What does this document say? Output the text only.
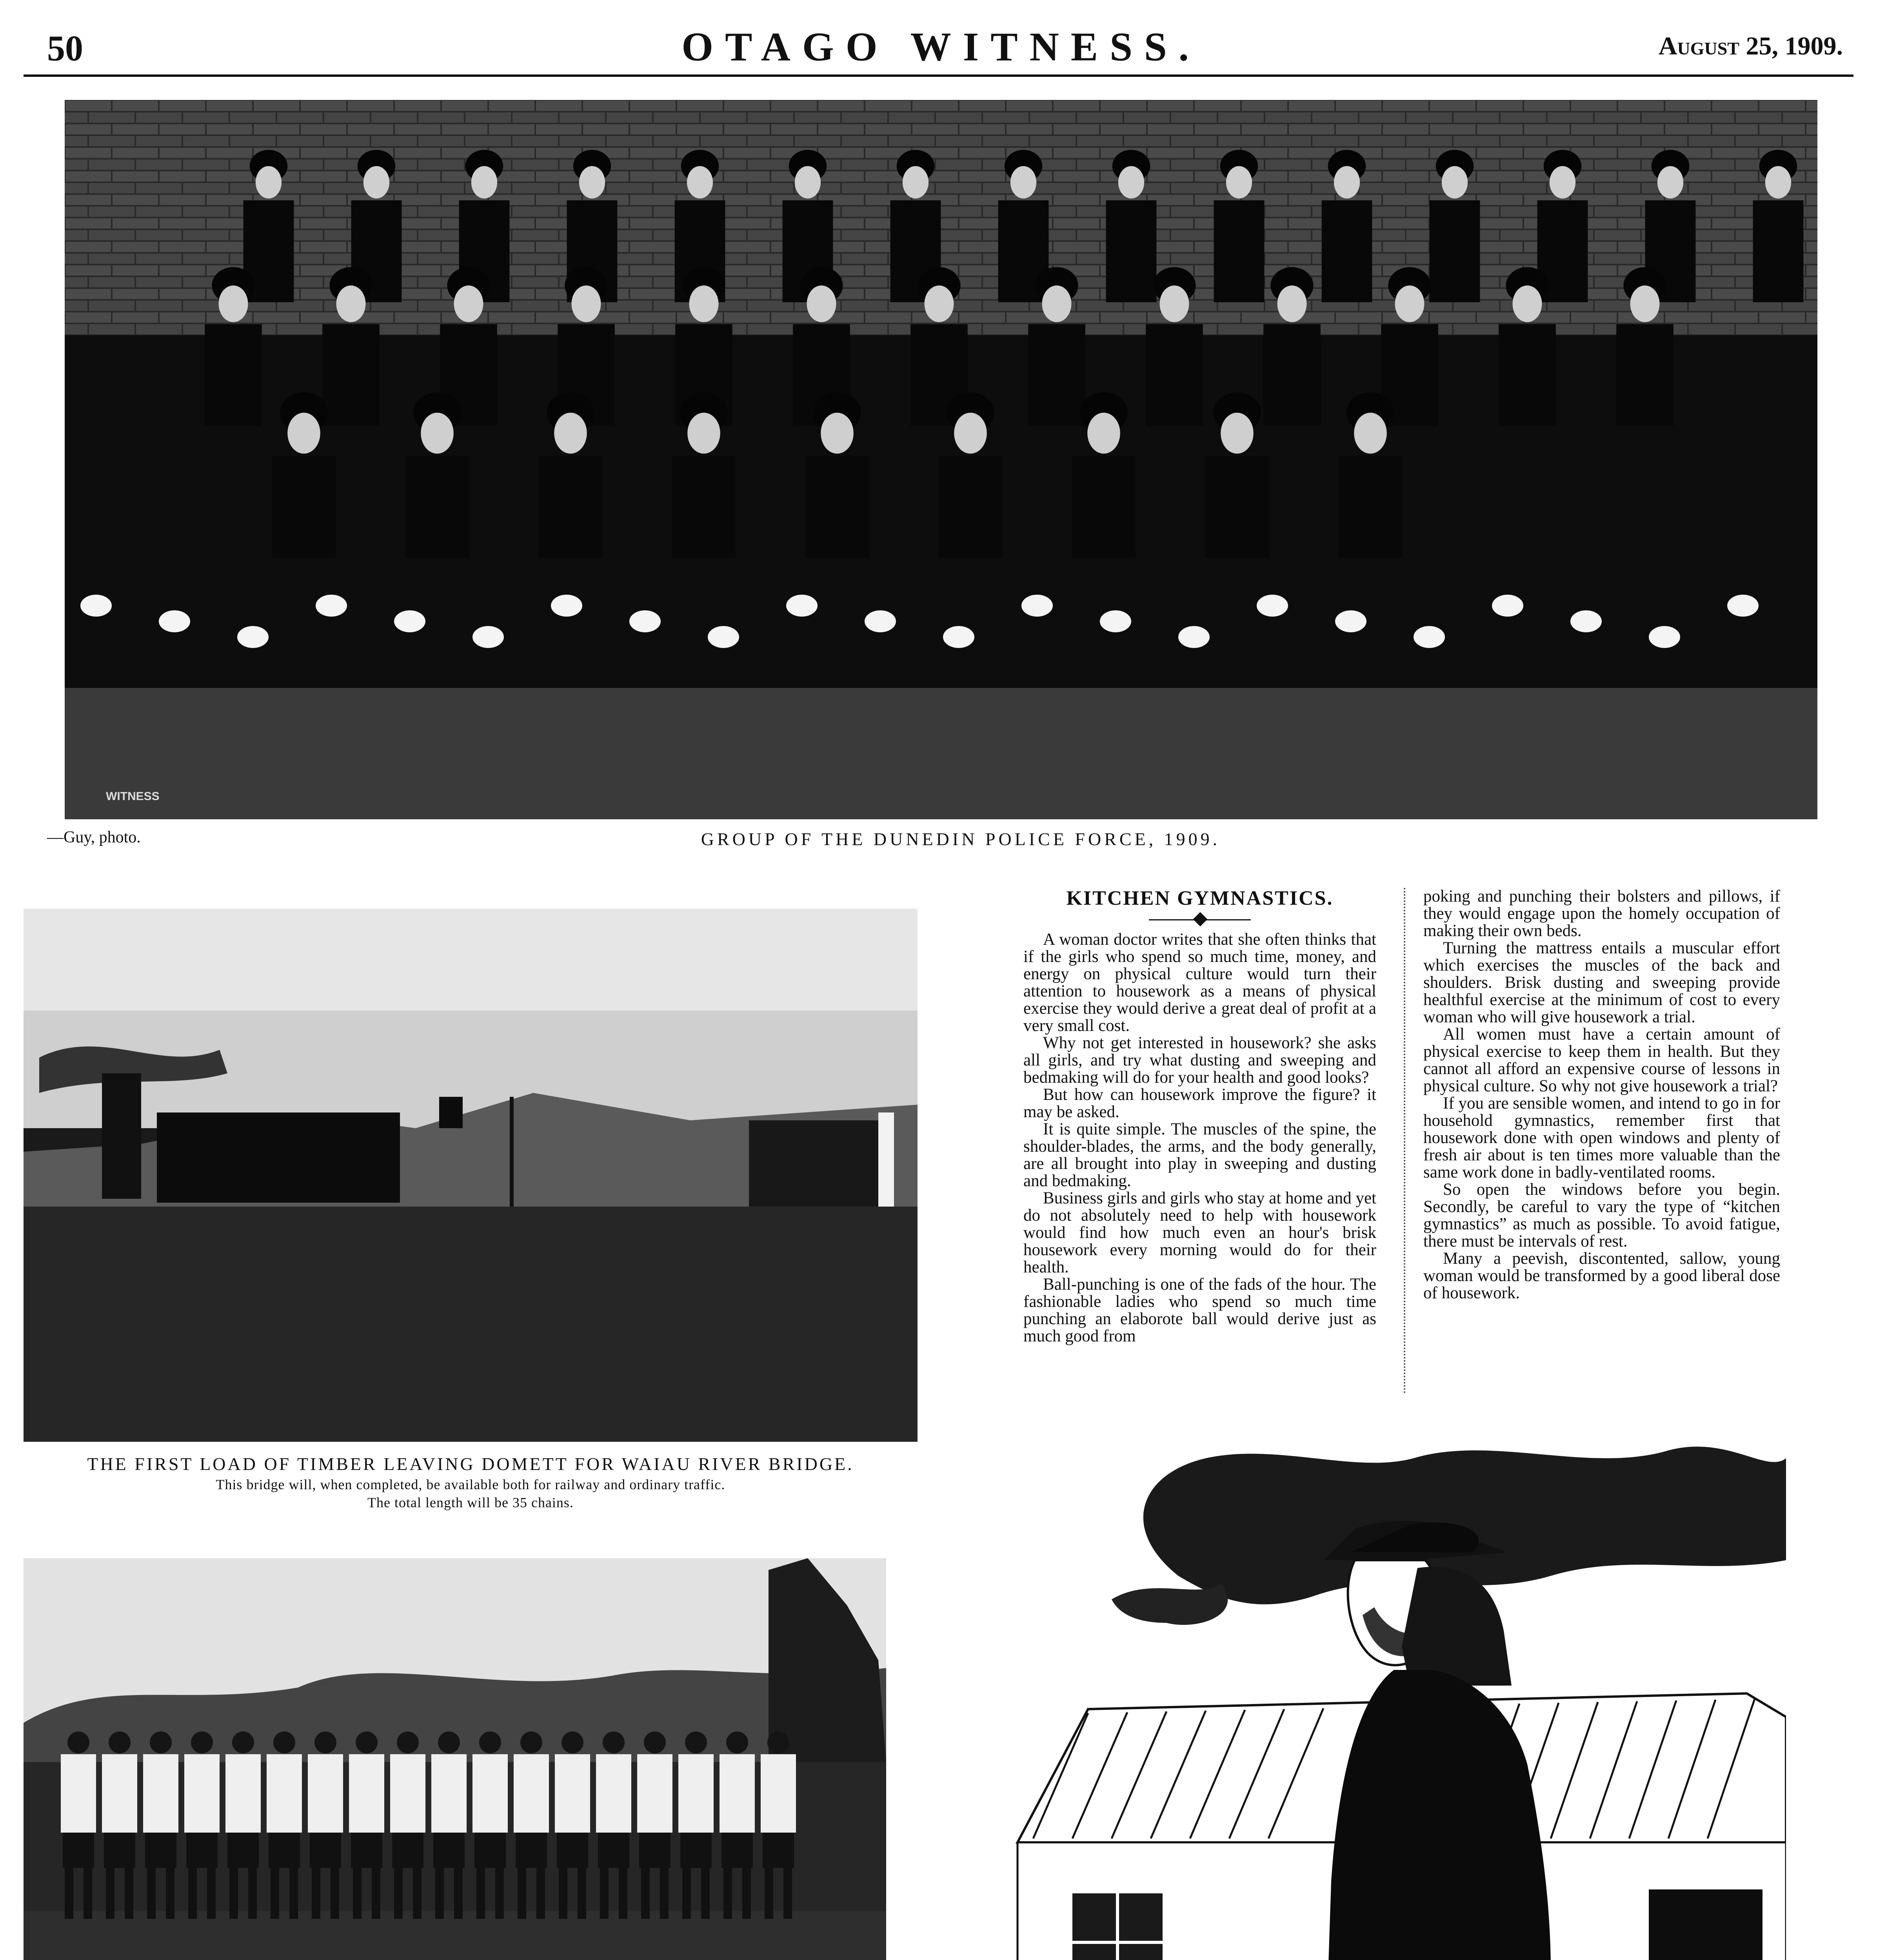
50	OTAGO WITNESS.	August 25, 1909.
WITNESS
—Guy, photo.	GROUP OF THE DUNEDIN POLICE FORCE, 1909.
THE FIRST LOAD OF TIMBER LEAVING DOMETT FOR WAIAU RIVER BRIDGE.
This bridge will, when completed, be available both for railway and ordinary traffic.
The total length will be 35 chains.
KITCHEN GYMNASTICS.

A woman doctor writes that she often thinks that if the girls who spend so much time, money, and energy on physical culture would turn their attention to housework as a means of physical exercise they would derive a great deal of profit at a very small cost.

Why not get interested in housework? she asks all girls, and try what dusting and sweeping and bedmaking will do for your health and good looks?

But how can housework improve the figure? it may be asked.

It is quite simple. The muscles of the spine, the shoulder-blades, the arms, and the body generally, are all brought into play in sweeping and dusting and bedmaking.

Business girls and girls who stay at home and yet do not absolutely need to help with housework would find how much even an hour's brisk housework every morning would do for their health.

Ball-punching is one of the fads of the hour. The fashionable ladies who spend so much time punching an elaborote ball would derive just as much good from

poking and punching their bolsters and pillows, if they would engage upon the homely occupation of making their own beds.

Turning the mattress entails a muscular effort which exercises the muscles of the back and shoulders. Brisk dusting and sweeping provide healthful exercise at the minimum of cost to every woman who will give housework a trial.

All women must have a certain amount of physical exercise to keep them in health. But they cannot all afford an expensive course of lessons in physical culture. So why not give housework a trial?

If you are sensible women, and intend to go in for household gymnastics, remember first that housework done with open windows and plenty of fresh air about is ten times more valuable than the same work done in badly-ventilated rooms.

So open the windows before you begin. Secondly, be careful to vary the type of “kitchen gymnastics” as much as possible. To avoid fatigue, there must be intervals of rest.

Many a peevish, discontented, sallow, young woman would be transformed by a good liberal dose of housework.
